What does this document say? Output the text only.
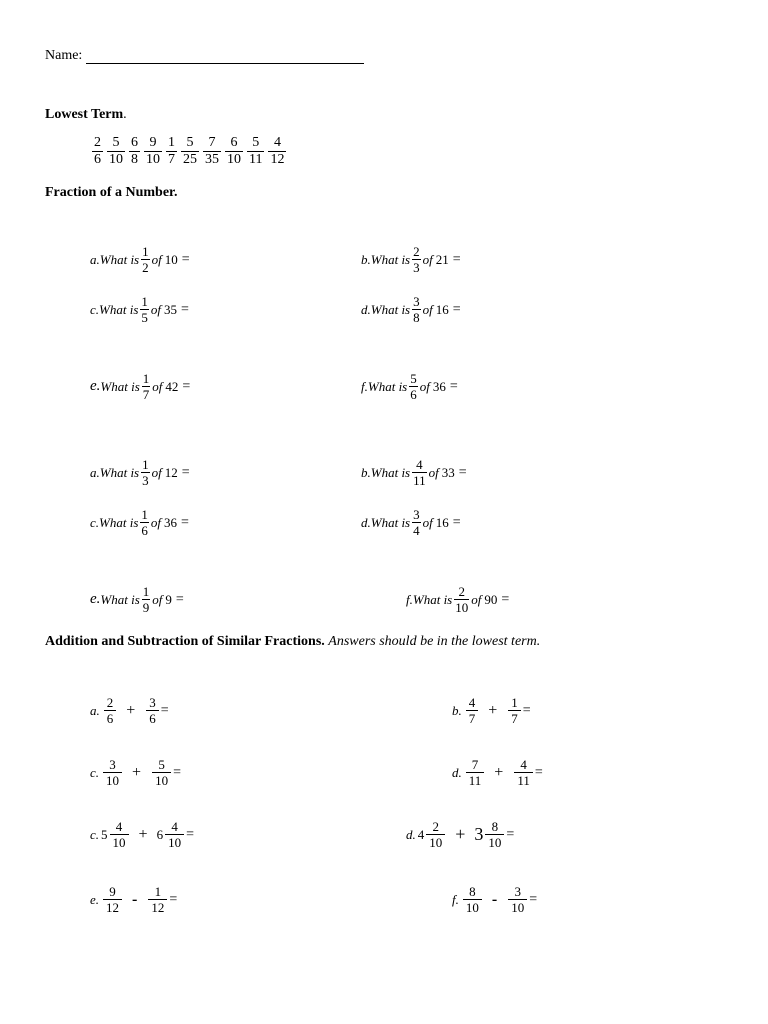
Name:
Lowest Term.
$\frac{2}{6} \frac{5}{10} \frac{6}{8} \frac{9}{10} \frac{1}{7} \frac{5}{25} \frac{7}{35} \frac{6}{10} \frac{5}{11} \frac{4}{12}$
Fraction of a Number.
a. What is $\frac{1}{2}$ of 10 =	b. What is $\frac{2}{3}$ of 21 =
c. What is $\frac{1}{5}$ of 35 =	d. What is $\frac{3}{8}$ of 16 =
e. What is $\frac{1}{7}$ of 42 =	f. What is $\frac{5}{6}$ of 36 =
a. What is $\frac{1}{3}$ of 12 =	b. What is $\frac{4}{11}$ of 33 =
c. What is $\frac{1}{6}$ of 36 =	d. What is $\frac{3}{4}$ of 16 =
e. What is $\frac{1}{9}$ of 9 =	f. What is $\frac{2}{10}$ of 90 =
Addition and Subtraction of Similar Fractions. Answers should be in the lowest term.
a. $\frac{2}{6} + \frac{3}{6}$ =	b. $\frac{4}{7} + \frac{1}{7}$ =
c. $\frac{3}{10} + \frac{5}{10}$ =	d. $\frac{7}{11} + \frac{4}{11}$ =
c. $5 \frac{4}{10} + 6 \frac{4}{10}$ =	d. $4 \frac{2}{10} + 3 \frac{8}{10}$ =
e. $\frac{9}{12} - \frac{1}{12}$ =	f. $\frac{8}{10} - \frac{3}{10}$ =
